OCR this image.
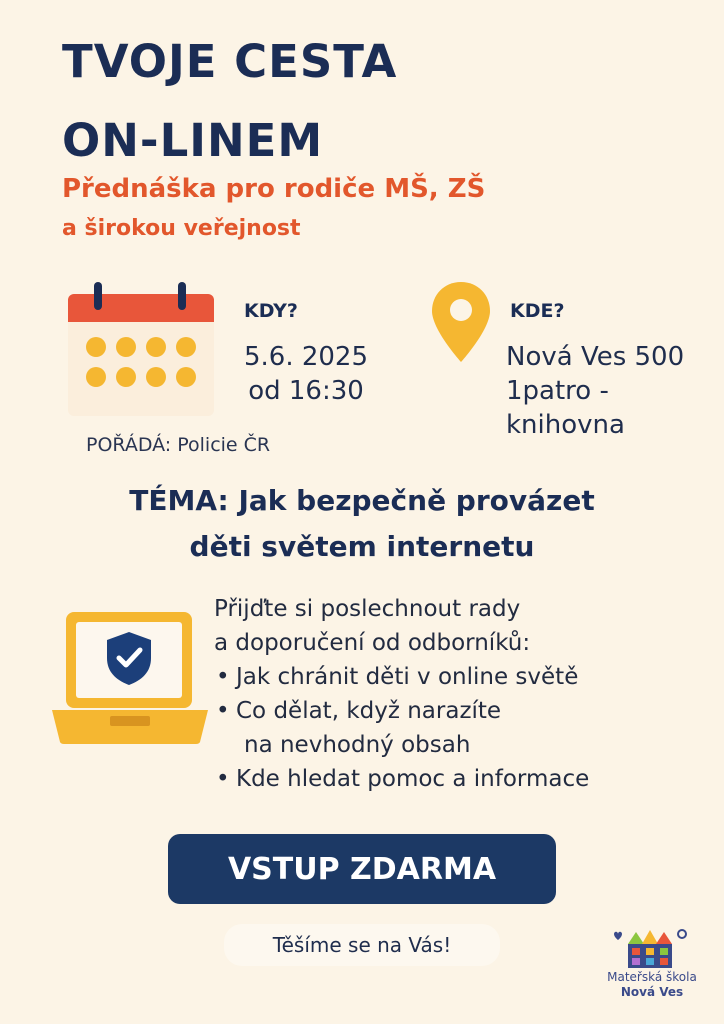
TVOJE CESTA
ON-LINEM
Přednáška pro rodiče MŠ, ZŠ
a širokou veřejnost
KDY?
5.6. 2025
od 16:30
KDE?
Nová Ves 500
1patro -
knihovna
POŘÁDÁ: Policie ČR
TÉMA: Jak bezpečně provázet
děti světem internetu
Přijďte si poslechnout rady
a doporučení od odborníků:
• Jak chránit děti v online světě
• Co dělat, když narazíte
na nevhodný obsah
• Kde hledat pomoc a informace
VSTUP ZDARMA
Těšíme se na Vás!
Mateřská škola
Nová Ves
